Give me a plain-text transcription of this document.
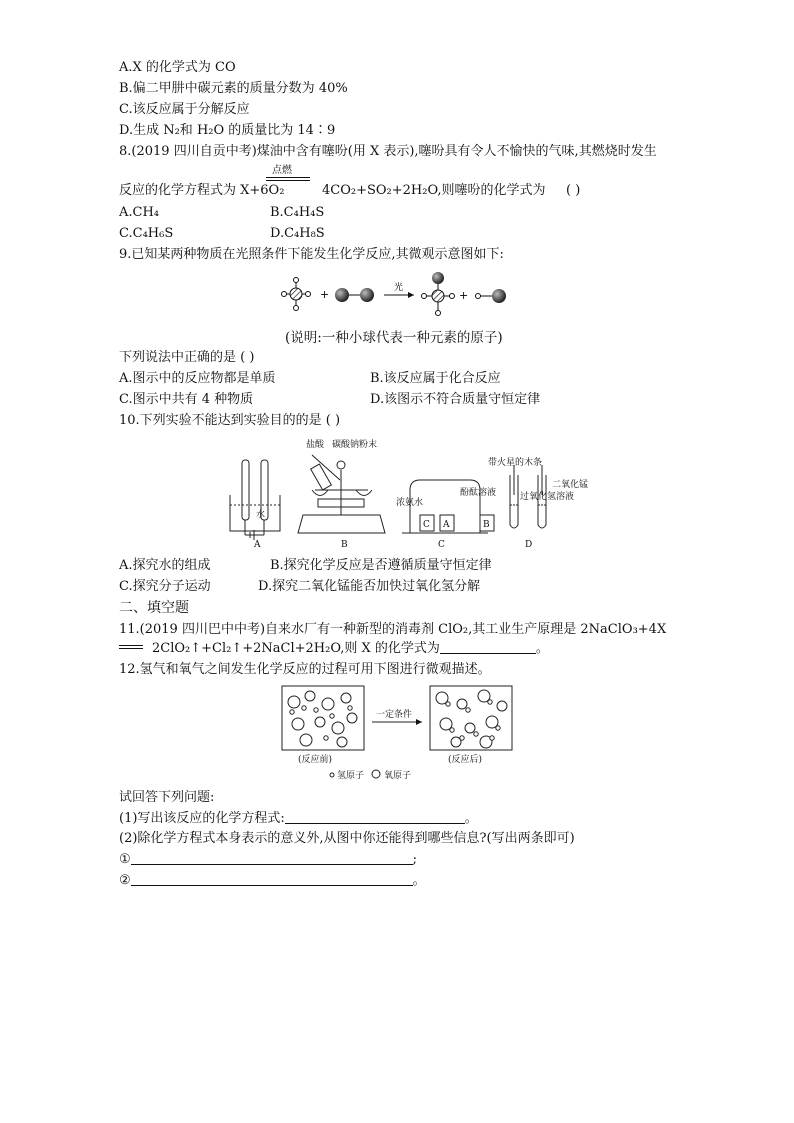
A.X 的化学式为 CO
B.偏二甲肼中碳元素的质量分数为 40%
C.该反应属于分解反应
D.生成 N₂和 H₂O 的质量比为 14∶9
8.(2019 四川自贡中考)煤油中含有噻吩(用 X 表示),噻吩具有令人不愉快的气味,其燃烧时发生
点燃
反应的化学方程式为 X+6O₂	4CO₂+SO₂+2H₂O,则噻吩的化学式为 ( )
A.CH₄	B.C₄H₄S
C.C₄H₆S	D.C₄H₈S
9.已知某两种物质在光照条件下能发生化学反应,其微观示意图如下:
+	光
+
(说明:一种小球代表一种元素的原子)
下列说法中正确的是 ( )
A.图示中的反应物都是单质	B.该反应属于化合反应
C.图示中共有 4 种物质	D.该图示不符合质量守恒定律
10.下列实验不能达到实验目的的是 ( )
水
盐酸 碳酸钠粉末
带火星的木条
浓氨水
酚酞溶液	过氧化氢溶液
二氧化锰
C A	B
A	B	C	D
A.探究水的组成	B.探究化学反应是否遵循质量守恒定律
C.探究分子运动	D.探究二氧化锰能否加快过氧化氢分解
二、填空题
11.(2019 四川巴中中考)自来水厂有一种新型的消毒剂 ClO₂,其工业生产原理是 2NaClO₃+4X
2ClO₂↑+Cl₂↑+2NaCl+2H₂O,则 X 的化学式为	。
12.氢气和氧气之间发生化学反应的过程可用下图进行微观描述。
一定条件
(反应前)	(反应后)
氢原子 氧原子
试回答下列问题:
(1)写出该反应的化学方程式:	。
(2)除化学方程式本身表示的意义外,从图中你还能得到哪些信息?(写出两条即可)
①	;
②	。
